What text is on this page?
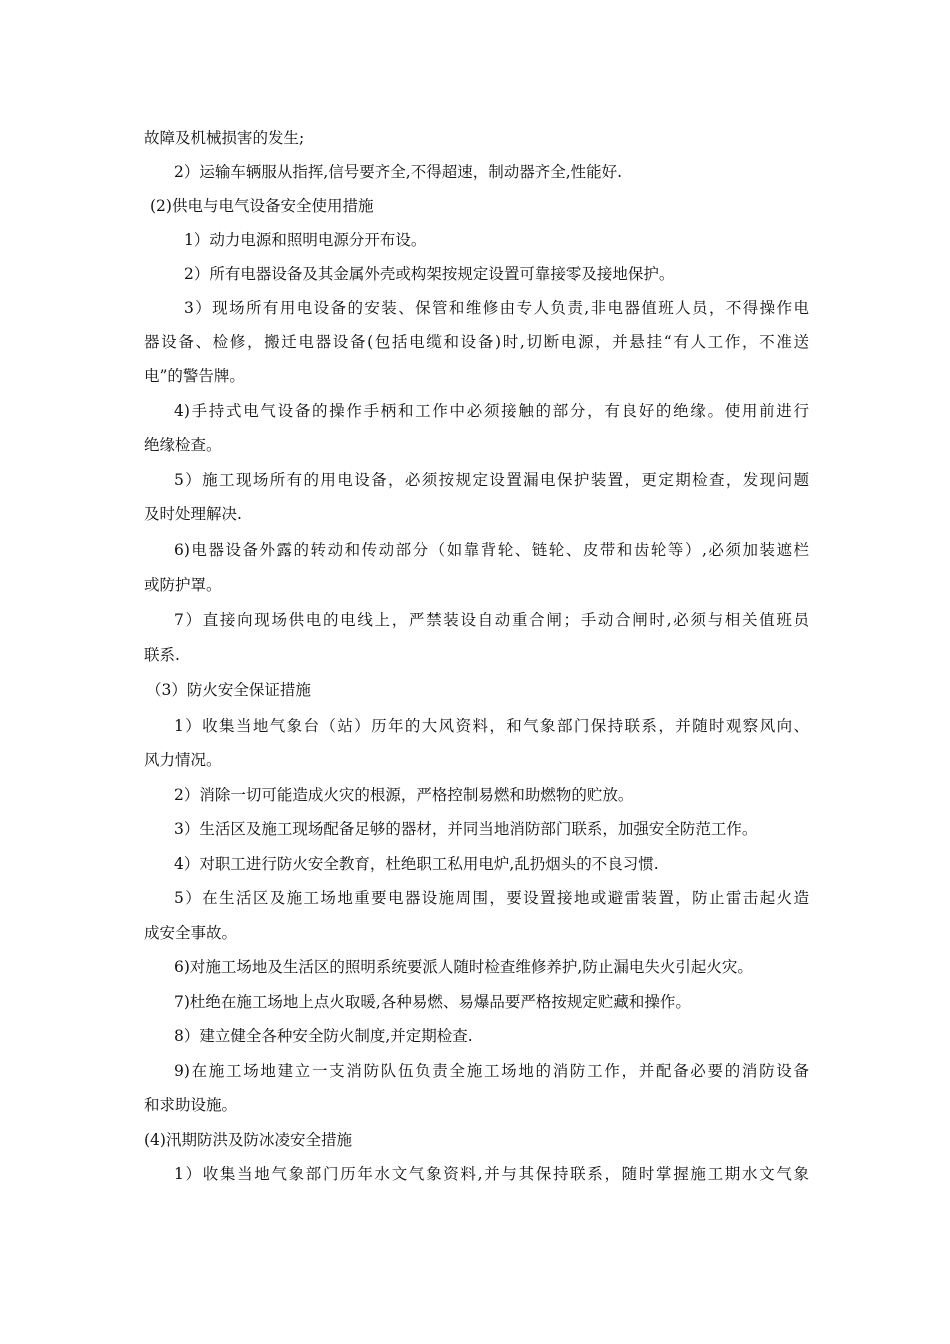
故障及机械损害的发生;
2）运输车辆服从指挥,信号要齐全,不得超速，制动器齐全,性能好.
(2)供电与电气设备安全使用措施
1）动力电源和照明电源分开布设。
2）所有电器设备及其金属外壳或构架按规定设置可靠接零及接地保护。
3）现场所有用电设备的安装、保管和维修由专人负责,非电器值班人员，不得操作电
器设备、检修，搬迁电器设备(包括电缆和设备)时,切断电源，并悬挂“有人工作，不准送
电”的警告牌。
4)手持式电气设备的操作手柄和工作中必须接触的部分，有良好的绝缘。使用前进行
绝缘检查。
5）施工现场所有的用电设备，必须按规定设置漏电保护装置，更定期检查，发现问题
及时处理解决.
6)电器设备外露的转动和传动部分（如靠背轮、链轮、皮带和齿轮等）,必须加装遮栏
或防护罩。
7）直接向现场供电的电线上，严禁装设自动重合闸；手动合闸时,必须与相关值班员
联系.
（3）防火安全保证措施
1）收集当地气象台（站）历年的大风资料，和气象部门保持联系，并随时观察风向、
风力情况。
2）消除一切可能造成火灾的根源，严格控制易燃和助燃物的贮放。
3）生活区及施工现场配备足够的器材，并同当地消防部门联系，加强安全防范工作。
4）对职工进行防火安全教育，杜绝职工私用电炉,乱扔烟头的不良习惯.
5）在生活区及施工场地重要电器设施周围，要设置接地或避雷装置，防止雷击起火造
成安全事故。
6)对施工场地及生活区的照明系统要派人随时检查维修养护,防止漏电失火引起火灾。
7)杜绝在施工场地上点火取暖,各种易燃、易爆品要严格按规定贮藏和操作。
8）建立健全各种安全防火制度,并定期检查.
9)在施工场地建立一支消防队伍负责全施工场地的消防工作，并配备必要的消防设备
和求助设施。
(4)汛期防洪及防冰凌安全措施
1）收集当地气象部门历年水文气象资料,并与其保持联系，随时掌握施工期水文气象
